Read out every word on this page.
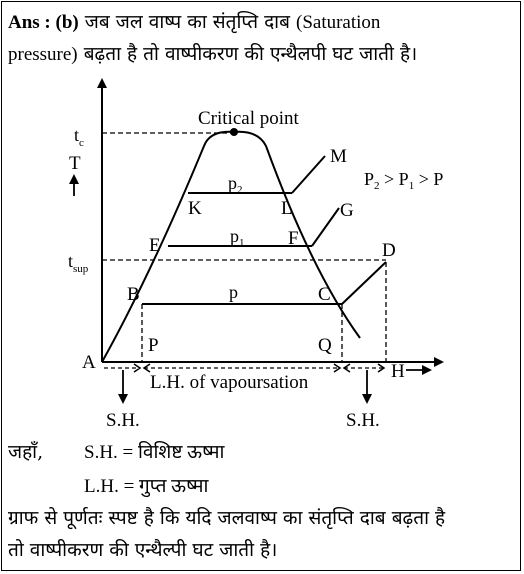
Ans : (b) जब जल वाष्प का संतृप्ति दाब (Saturation
pressure) बढ़ता है तो वाष्पीकरण की एन्थैलपी घट जाती है।
Critical point
$t_c$
T
$t_{sup}$
A
B	C
D
E	F
G
K	L
M
P	Q
$p_2$
$p_1$
p
$P_2 > P_1 > P$
L.H. of vapoursation
H
S.H.	S.H.
जहाँ, S.H. = विशिष्ट ऊष्मा
L.H. = गुप्त ऊष्मा
ग्राफ से पूर्णतः स्पष्ट है कि यदि जलवाष्प का संतृप्ति दाब बढ़ता है
तो वाष्पीकरण की एन्थैल्पी घट जाती है।
